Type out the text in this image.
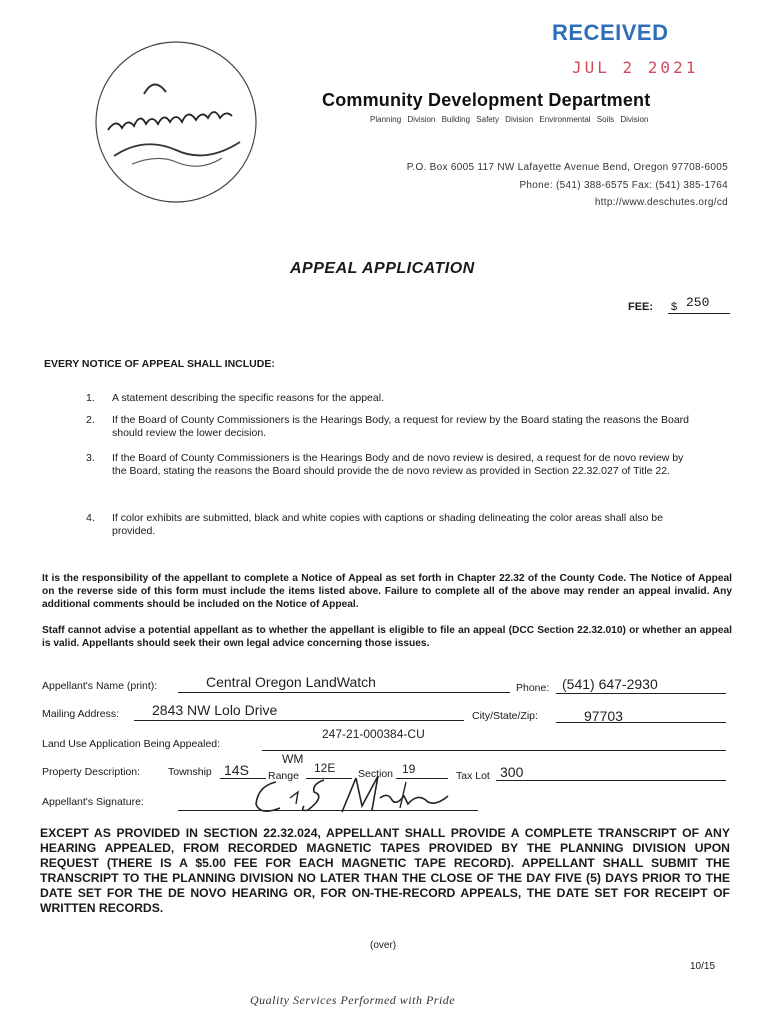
RECEIVED
JUL 2 2021
Community Development Department
Planning Division Building Safety Division Environmental Soils Division
P.O. Box 6005 117 NW Lafayette Avenue Bend, Oregon 97708-6005
Phone: (541) 388-6575 Fax: (541) 385-1764
http://www.deschutes.org/cd
APPEAL APPLICATION
FEE: $ 250
EVERY NOTICE OF APPEAL SHALL INCLUDE:
1. A statement describing the specific reasons for the appeal.
2. If the Board of County Commissioners is the Hearings Body, a request for review by the Board stating the reasons the Board should review the lower decision.
3. If the Board of County Commissioners is the Hearings Body and de novo review is desired, a request for de novo review by the Board, stating the reasons the Board should provide the de novo review as provided in Section 22.32.027 of Title 22.
4. If color exhibits are submitted, black and white copies with captions or shading delineating the color areas shall also be provided.
It is the responsibility of the appellant to complete a Notice of Appeal as set forth in Chapter 22.32 of the County Code. The Notice of Appeal on the reverse side of this form must include the items listed above. Failure to complete all of the above may render an appeal invalid. Any additional comments should be included on the Notice of Appeal.
Staff cannot advise a potential appellant as to whether the appellant is eligible to file an appeal (DCC Section 22.32.010) or whether an appeal is valid. Appellants should seek their own legal advice concerning those issues.
Appellant's Name (print):	Central Oregon LandWatch	Phone: (541) 647-2930
Mailing Address: 2843 NW Lolo Drive	City/State/Zip:	97703
Land Use Application Being Appealed:
247-21-000384-CU
Property Description:	Township 14S
WM
Range
12E Section 19	Tax Lot 300
Appellant's Signature:
EXCEPT AS PROVIDED IN SECTION 22.32.024, APPELLANT SHALL PROVIDE A COMPLETE TRANSCRIPT OF ANY HEARING APPEALED, FROM RECORDED MAGNETIC TAPES PROVIDED BY THE PLANNING DIVISION UPON REQUEST (THERE IS A $5.00 FEE FOR EACH MAGNETIC TAPE RECORD). APPELLANT SHALL SUBMIT THE TRANSCRIPT TO THE PLANNING DIVISION NO LATER THAN THE CLOSE OF THE DAY FIVE (5) DAYS PRIOR TO THE DATE SET FOR THE DE NOVO HEARING OR, FOR ON-THE-RECORD APPEALS, THE DATE SET FOR RECEIPT OF WRITTEN RECORDS.
(over)
10/15
Quality Services Performed with Pride
